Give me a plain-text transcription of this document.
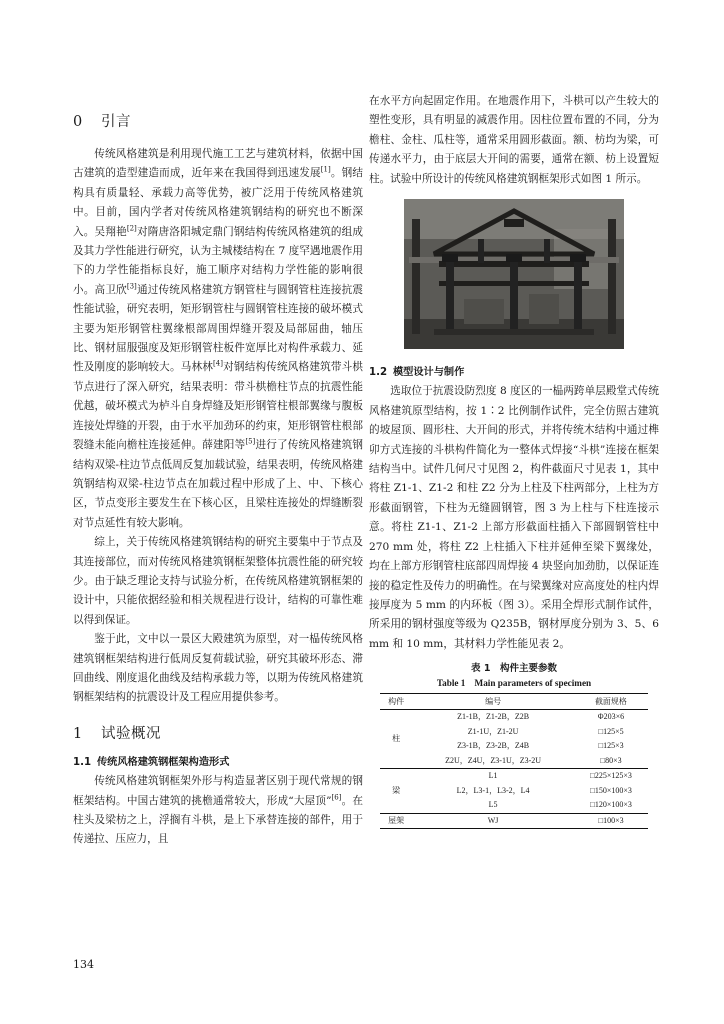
0 引言

传统风格建筑是利用现代施工工艺与建筑材料，依据中国古建筑的造型建造而成，近年来在我国得到迅速发展[1]。钢结构具有质量轻、承载力高等优势，被广泛用于传统风格建筑中。目前，国内学者对传统风格建筑钢结构的研究也不断深入。吴翔艳[2]对隋唐洛阳城定鼎门钢结构传统风格建筑的组成及其力学性能进行研究，认为主城楼结构在 7 度罕遇地震作用下的力学性能指标良好，施工顺序对结构力学性能的影响很小。高卫欣[3]通过传统风格建筑方钢管柱与圆钢管柱连接抗震性能试验，研究表明，矩形钢管柱与圆钢管柱连接的破坏模式主要为矩形钢管柱翼缘根部周围焊缝开裂及局部屈曲，轴压比、钢材屈服强度及矩形钢管柱板件宽厚比对构件承载力、延性及刚度的影响较大。马林林[4]对钢结构传统风格建筑带斗栱节点进行了深入研究，结果表明：带斗栱檐柱节点的抗震性能优越，破坏模式为栌斗自身焊缝及矩形钢管柱根部翼缘与腹板连接处焊缝的开裂，由于水平加劲环的约束，矩形钢管柱根部裂缝未能向檐柱连接延伸。薛建阳等[5]进行了传统风格建筑钢结构双梁-柱边节点低周反复加载试验，结果表明，传统风格建筑钢结构双梁-柱边节点在加载过程中形成了上、中、下核心区，节点变形主要发生在下核心区，且梁柱连接处的焊缝断裂对节点延性有较大影响。

综上，关于传统风格建筑钢结构的研究主要集中于节点及其连接部位，而对传统风格建筑钢框架整体抗震性能的研究较少。由于缺乏理论支持与试验分析，在传统风格建筑钢框架的设计中，只能依据经验和相关规程进行设计，结构的可靠性难以得到保证。

鉴于此，文中以一景区大殿建筑为原型，对一榀传统风格建筑钢框架结构进行低周反复荷载试验，研究其破坏形态、滞回曲线、刚度退化曲线及结构承载力等，以期为传统风格建筑钢框架结构的抗震设计及工程应用提供参考。

1 试验概况
1.1 传统风格建筑钢框架构造形式

传统风格建筑钢框架外形与构造显著区别于现代常规的钢框架结构。中国古建筑的挑檐通常较大，形成“大屋顶”[6]。在柱头及梁枋之上，浮搁有斗栱，是上下承替连接的部件，用于传递拉、压应力，且

在水平方向起固定作用。在地震作用下，斗栱可以产生较大的塑性变形，具有明显的减震作用。因柱位置布置的不同，分为檐柱、金柱、瓜柱等，通常采用圆形截面。额、枋均为梁，可传递水平力，由于底层大开间的需要，通常在额、枋上设置短柱。试验中所设计的传统风格建筑钢框架形式如图 1 所示。

1.2 模型设计与制作

选取位于抗震设防烈度 8 度区的一榀两跨单层殿堂式传统风格建筑原型结构，按 1∶2 比例制作试件，完全仿照古建筑的坡屋顶、圆形柱、大开间的形式，并将传统木结构中通过榫卯方式连接的斗栱构件简化为一整体式焊接“斗栱”连接在框架结构当中。试件几何尺寸见图 2，构件截面尺寸见表 1，其中将柱 Z1-1、Z1-2 和柱 Z2 分为上柱及下柱两部分，上柱为方形截面钢管，下柱为无缝圆钢管，图 3 为上柱与下柱连接示意。将柱 Z1-1、Z1-2 上部方形截面柱插入下部圆钢管柱中 270 mm 处，将柱 Z2 上柱插入下柱并延伸至梁下翼缘处，均在上部方形钢管柱底部四周焊接 4 块竖向加劲肋，以保证连接的稳定性及传力的明确性。在与梁翼缘对应高度处的柱内焊接厚度为 5 mm 的内环板（图 3）。采用全焊形式制作试件，所采用的钢材强度等级为 Q235B，钢材厚度分别为 3、5、6 mm 和 10 mm，其材料力学性能见表 2。

表 1　构件主要参数
Table 1　Main parameters of specimen
构件	编号	截面规格
柱	Z1-1B，Z1-2B，Z2B	Φ203×6
	Z1-1U，Z1-2U	□125×5
	Z3-1B，Z3-2B，Z4B	□125×3
	Z2U，Z4U，Z3-1U，Z3-2U	□80×3
梁	L1	□225×125×3
	L2，L3-1，L3-2，L4	□150×100×3
	L5	□120×100×3
屋架	WJ	□100×3
134
